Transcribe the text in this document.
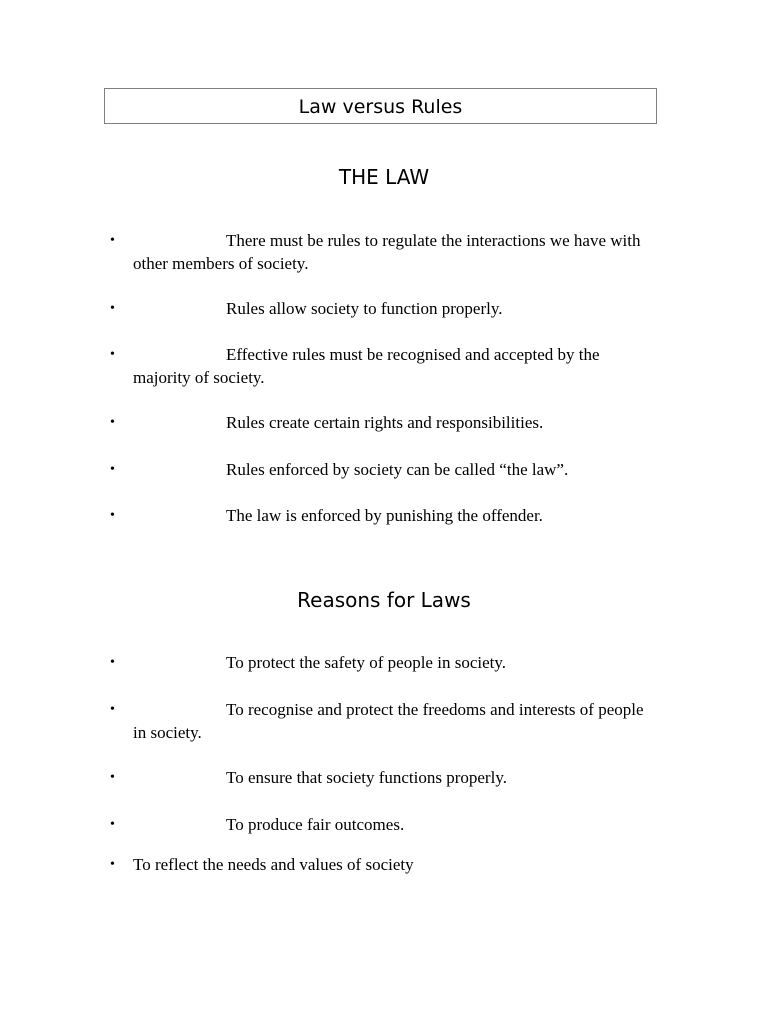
Law versus Rules
THE LAW
•	There must be rules to regulate the interactions we have with other members of society.
•	Rules allow society to function properly.
•	Effective rules must be recognised and accepted by the majority of society.
•	Rules create certain rights and responsibilities.
•	Rules enforced by society can be called “the law”.
•	The law is enforced by punishing the offender.
Reasons for Laws
•	To protect the safety of people in society.
•	To recognise and protect the freedoms and interests of people in society.
•	To ensure that society functions properly.
•	To produce fair outcomes.
• To reflect the needs and values of society
